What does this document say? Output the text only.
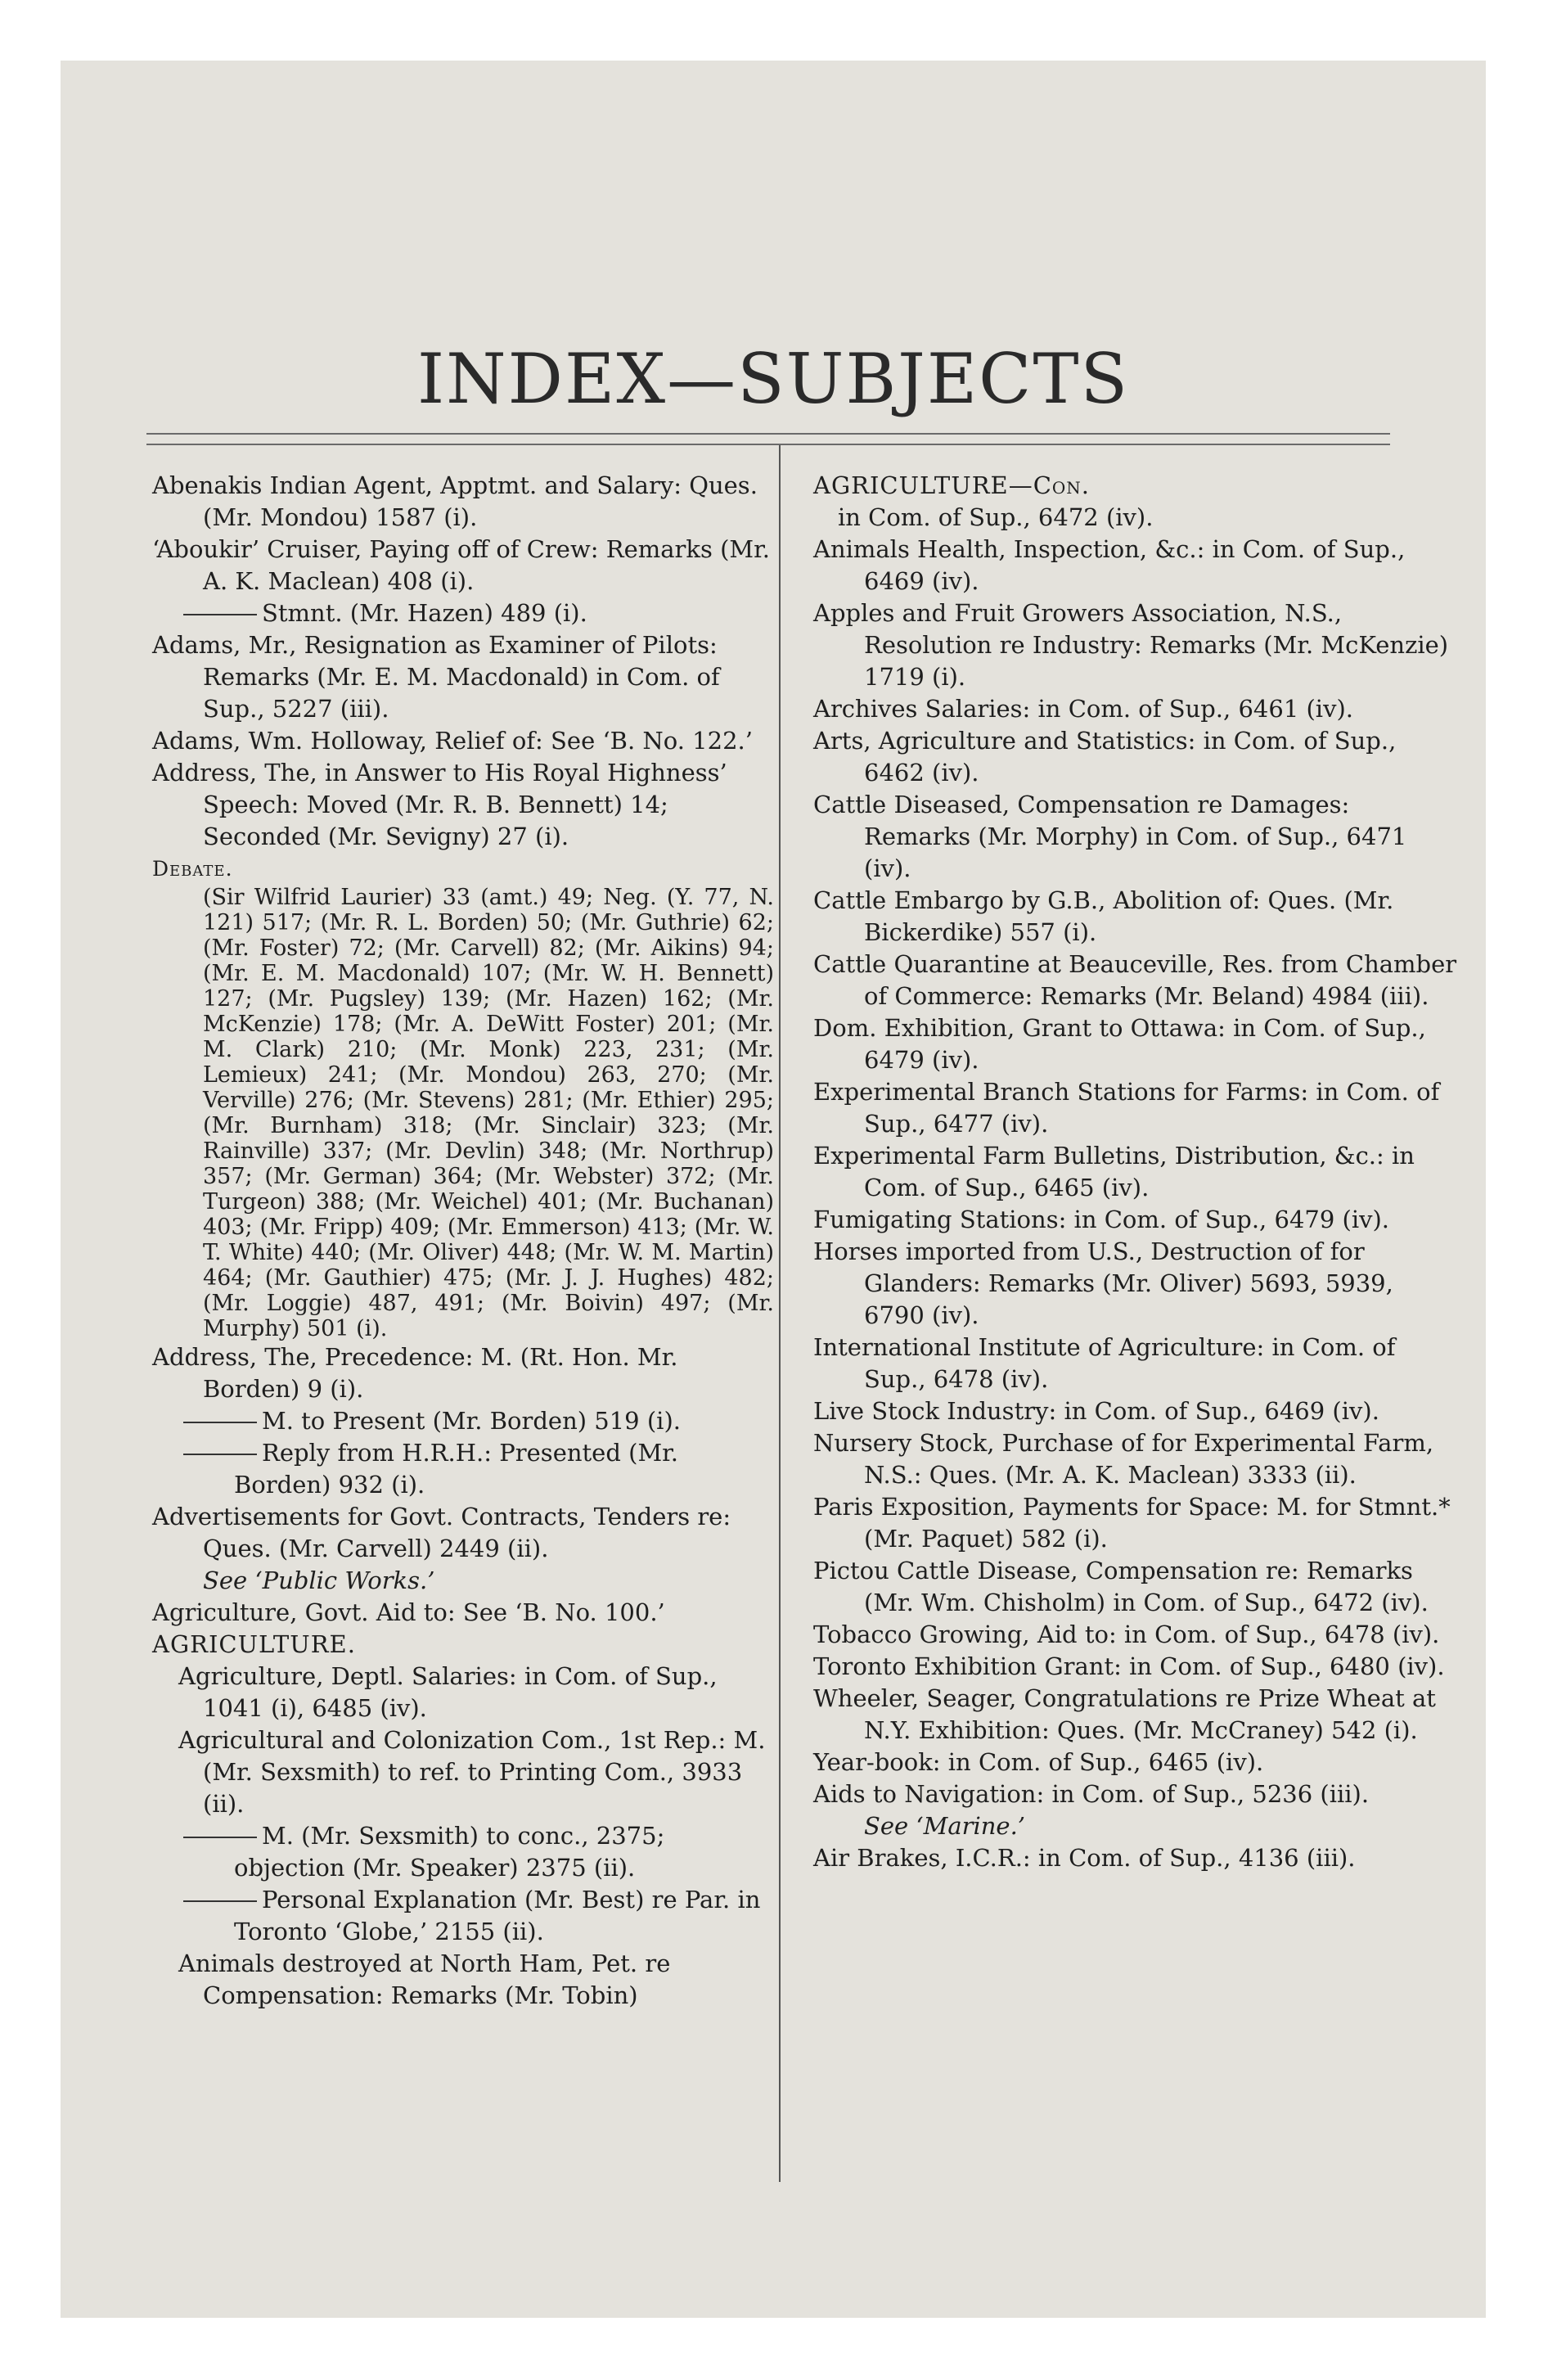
INDEX—SUBJECTS

Abenakis Indian Agent, Apptmt. and Salary: Ques. (Mr. Mondou) 1587 (i).

‘Aboukir’ Cruiser, Paying off of Crew: Remarks (Mr. A. K. Maclean) 408 (i).

Stmnt. (Mr. Hazen) 489 (i).

Adams, Mr., Resignation as Examiner of Pilots: Remarks (Mr. E. M. Macdonald) in Com. of Sup., 5227 (iii).

Adams, Wm. Holloway, Relief of: See ‘B. No. 122.’

Address, The, in Answer to His Royal Highness’ Speech: Moved (Mr. R. B. Bennett) 14; Seconded (Mr. Sevigny) 27 (i).

Debate.

(Sir Wilfrid Laurier) 33 (amt.) 49; Neg. (Y. 77, N. 121) 517; (Mr. R. L. Borden) 50; (Mr. Guthrie) 62; (Mr. Foster) 72; (Mr. Carvell) 82; (Mr. Aikins) 94; (Mr. E. M. Macdonald) 107; (Mr. W. H. Bennett) 127; (Mr. Pugsley) 139; (Mr. Hazen) 162; (Mr. McKenzie) 178; (Mr. A. DeWitt Foster) 201; (Mr. M. Clark) 210; (Mr. Monk) 223, 231; (Mr. Lemieux) 241; (Mr. Mondou) 263, 270; (Mr. Verville) 276; (Mr. Stevens) 281; (Mr. Ethier) 295; (Mr. Burnham) 318; (Mr. Sinclair) 323; (Mr. Rainville) 337; (Mr. Devlin) 348; (Mr. Northrup) 357; (Mr. German) 364; (Mr. Webster) 372; (Mr. Turgeon) 388; (Mr. Weichel) 401; (Mr. Buchanan) 403; (Mr. Fripp) 409; (Mr. Emmerson) 413; (Mr. W. T. White) 440; (Mr. Oliver) 448; (Mr. W. M. Martin) 464; (Mr. Gauthier) 475; (Mr. J. J. Hughes) 482; (Mr. Loggie) 487, 491; (Mr. Boivin) 497; (Mr. Murphy) 501 (i).

Address, The, Precedence: M. (Rt. Hon. Mr. Borden) 9 (i).

M. to Present (Mr. Borden) 519 (i).

Reply from H.R.H.: Presented (Mr. Borden) 932 (i).

Advertisements for Govt. Contracts, Tenders re: Ques. (Mr. Carvell) 2449 (ii).

See ‘Public Works.’

Agriculture, Govt. Aid to: See ‘B. No. 100.’

AGRICULTURE.

Agriculture, Deptl. Salaries: in Com. of Sup., 1041 (i), 6485 (iv).

Agricultural and Colonization Com., 1st Rep.: M. (Mr. Sexsmith) to ref. to Printing Com., 3933 (ii).

M. (Mr. Sexsmith) to conc., 2375; objection (Mr. Speaker) 2375 (ii).

Personal Explanation (Mr. Best) re Par. in Toronto ‘Globe,’ 2155 (ii).

Animals destroyed at North Ham, Pet. re Compensation: Remarks (Mr. Tobin)

AGRICULTURE—Con.

in Com. of Sup., 6472 (iv).

Animals Health, Inspection, &c.: in Com. of Sup., 6469 (iv).

Apples and Fruit Growers Association, N.S., Resolution re Industry: Remarks (Mr. McKenzie) 1719 (i).

Archives Salaries: in Com. of Sup., 6461 (iv).

Arts, Agriculture and Statistics: in Com. of Sup., 6462 (iv).

Cattle Diseased, Compensation re Damages: Remarks (Mr. Morphy) in Com. of Sup., 6471 (iv).

Cattle Embargo by G.B., Abolition of: Ques. (Mr. Bickerdike) 557 (i).

Cattle Quarantine at Beauceville, Res. from Chamber of Commerce: Remarks (Mr. Beland) 4984 (iii).

Dom. Exhibition, Grant to Ottawa: in Com. of Sup., 6479 (iv).

Experimental Branch Stations for Farms: in Com. of Sup., 6477 (iv).

Experimental Farm Bulletins, Distribution, &c.: in Com. of Sup., 6465 (iv).

Fumigating Stations: in Com. of Sup., 6479 (iv).

Horses imported from U.S., Destruction of for Glanders: Remarks (Mr. Oliver) 5693, 5939, 6790 (iv).

International Institute of Agriculture: in Com. of Sup., 6478 (iv).

Live Stock Industry: in Com. of Sup., 6469 (iv).

Nursery Stock, Purchase of for Experimental Farm, N.S.: Ques. (Mr. A. K. Maclean) 3333 (ii).

Paris Exposition, Payments for Space: M. for Stmnt.* (Mr. Paquet) 582 (i).

Pictou Cattle Disease, Compensation re: Remarks (Mr. Wm. Chisholm) in Com. of Sup., 6472 (iv).

Tobacco Growing, Aid to: in Com. of Sup., 6478 (iv).

Toronto Exhibition Grant: in Com. of Sup., 6480 (iv).

Wheeler, Seager, Congratulations re Prize Wheat at N.Y. Exhibition: Ques. (Mr. McCraney) 542 (i).

Year-book: in Com. of Sup., 6465 (iv).

Aids to Navigation: in Com. of Sup., 5236 (iii).

See ‘Marine.’

Air Brakes, I.C.R.: in Com. of Sup., 4136 (iii).
